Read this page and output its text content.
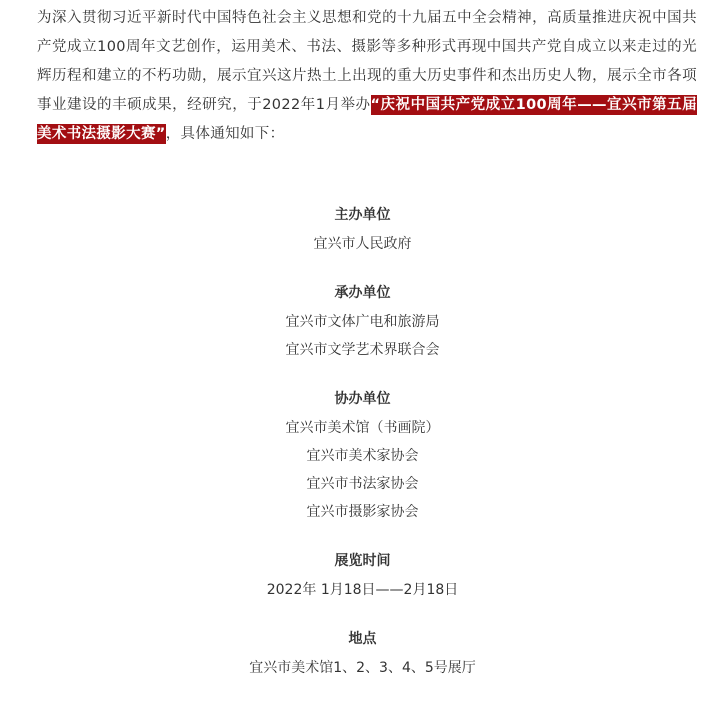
为深入贯彻习近平新时代中国特色社会主义思想和党的十九届五中全会精神，高质量推进庆祝中国共产党成立100周年文艺创作，运用美术、书法、摄影等多种形式再现中国共产党自成立以来走过的光辉历程和建立的不朽功勋，展示宜兴这片热土上出现的重大历史事件和杰出历史人物，展示全市各项事业建设的丰硕成果，经研究，于2022年1月举办“庆祝中国共产党成立100周年——宜兴市第五届美术书法摄影大赛”，具体通知如下：
主办单位
宜兴市人民政府
承办单位
宜兴市文体广电和旅游局
宜兴市文学艺术界联合会
协办单位
宜兴市美术馆（书画院）
宜兴市美术家协会
宜兴市书法家协会
宜兴市摄影家协会
展览时间
2022年 1月18日——2月18日
地点
宜兴市美术馆1、2、3、4、5号展厅
